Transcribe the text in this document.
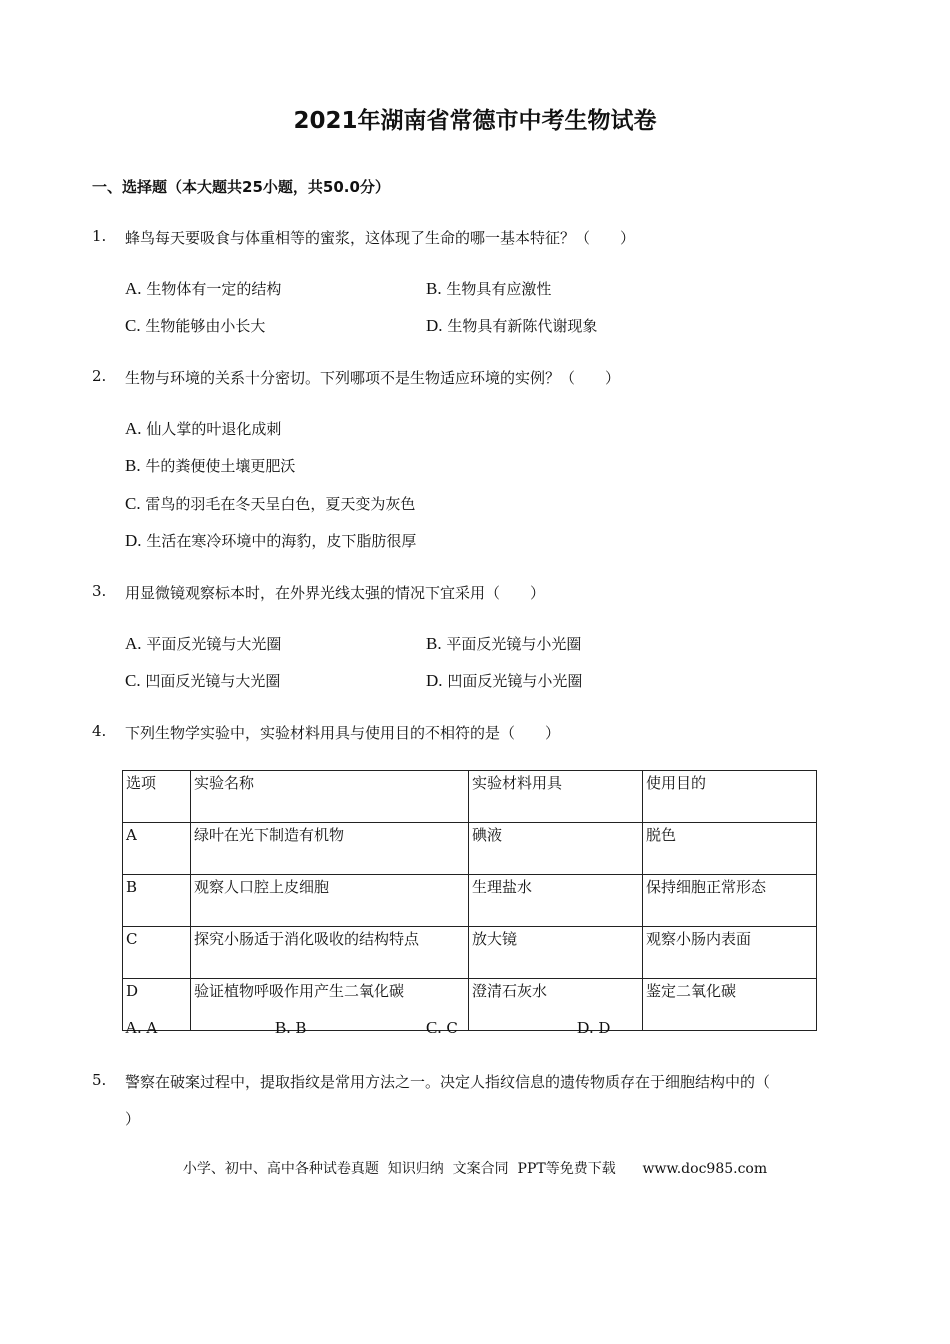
2021年湖南省常德市中考生物试卷
一、选择题（本大题共25小题，共50.0分）
1. 蜂鸟每天要吸食与体重相等的蜜浆，这体现了生命的哪一基本特征？（　　）
A. 生物体有一定的结构	B. 生物具有应激性
C. 生物能够由小长大	D. 生物具有新陈代谢现象
2. 生物与环境的关系十分密切。下列哪项不是生物适应环境的实例？（　　）
A. 仙人掌的叶退化成刺
B. 牛的粪便使土壤更肥沃
C. 雷鸟的羽毛在冬天呈白色，夏天变为灰色
D. 生活在寒冷环境中的海豹，皮下脂肪很厚
3. 用显微镜观察标本时，在外界光线太强的情况下宜采用（　　）
A. 平面反光镜与大光圈	B. 平面反光镜与小光圈
C. 凹面反光镜与大光圈	D. 凹面反光镜与小光圈
4. 下列生物学实验中，实验材料用具与使用目的不相符的是（　　）
选项	实验名称	实验材料用具	使用目的
A	绿叶在光下制造有机物	碘液	脱色
B	观察人口腔上皮细胞	生理盐水	保持细胞正常形态
C	探究小肠适于消化吸收的结构特点	放大镜	观察小肠内表面
D	验证植物呼吸作用产生二氧化碳	澄清石灰水	鉴定二氧化碳
A. A	B. B	C. C	D. D
5. 警察在破案过程中，提取指纹是常用方法之一。决定人指纹信息的遗传物质存在于细胞结构中的（
）
小学、初中、高中各种试卷真题  知识归纳  文案合同  PPT等免费下载      www.doc985.com
